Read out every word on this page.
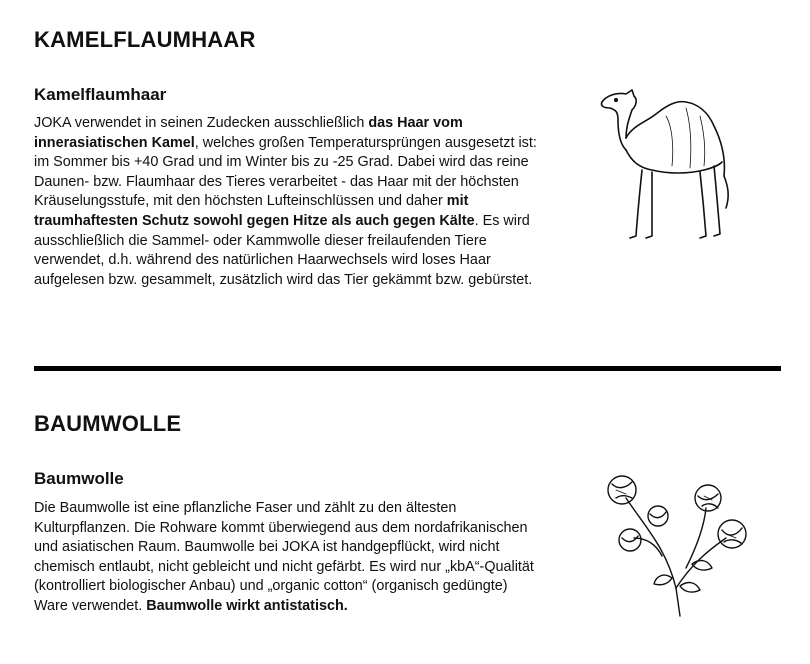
KAMELFLAUMHAAR
Kamelflaumhaar

JOKA verwendet in seinen Zudecken ausschließlich das Haar vom innerasiatischen Kamel, welches großen Temperatursprüngen ausgesetzt ist: im Sommer bis +40 Grad und im Winter bis zu -25 Grad. Dabei wird das reine Daunen- bzw. Flaumhaar des Tieres verarbeitet - das Haar mit der höchsten Kräuselungsstufe, mit den höchsten Lufteinschlüssen und daher mit traumhaftesten Schutz sowohl gegen Hitze als auch gegen Kälte. Es wird ausschließlich die Sammel- oder Kammwolle dieser freilaufenden Tiere verwendet, d.h. während des natürlichen Haarwechsels wird loses Haar aufgelesen bzw. gesammelt, zusätzlich wird das Tier gekämmt bzw. gebürstet.

BAUMWOLLE
Baumwolle

Die Baumwolle ist eine pflanzliche Faser und zählt zu den ältesten Kulturpflanzen. Die Rohware kommt überwiegend aus dem nordafrikanischen und asiatischen Raum. Baumwolle bei JOKA ist handgepflückt, wird nicht chemisch entlaubt, nicht gebleicht und nicht gefärbt. Es wird nur „kbA“-Qualität (kontrolliert biologischer Anbau) und „organic cotton“ (organisch gedüngte) Ware verwendet. Baumwolle wirkt antistatisch.
